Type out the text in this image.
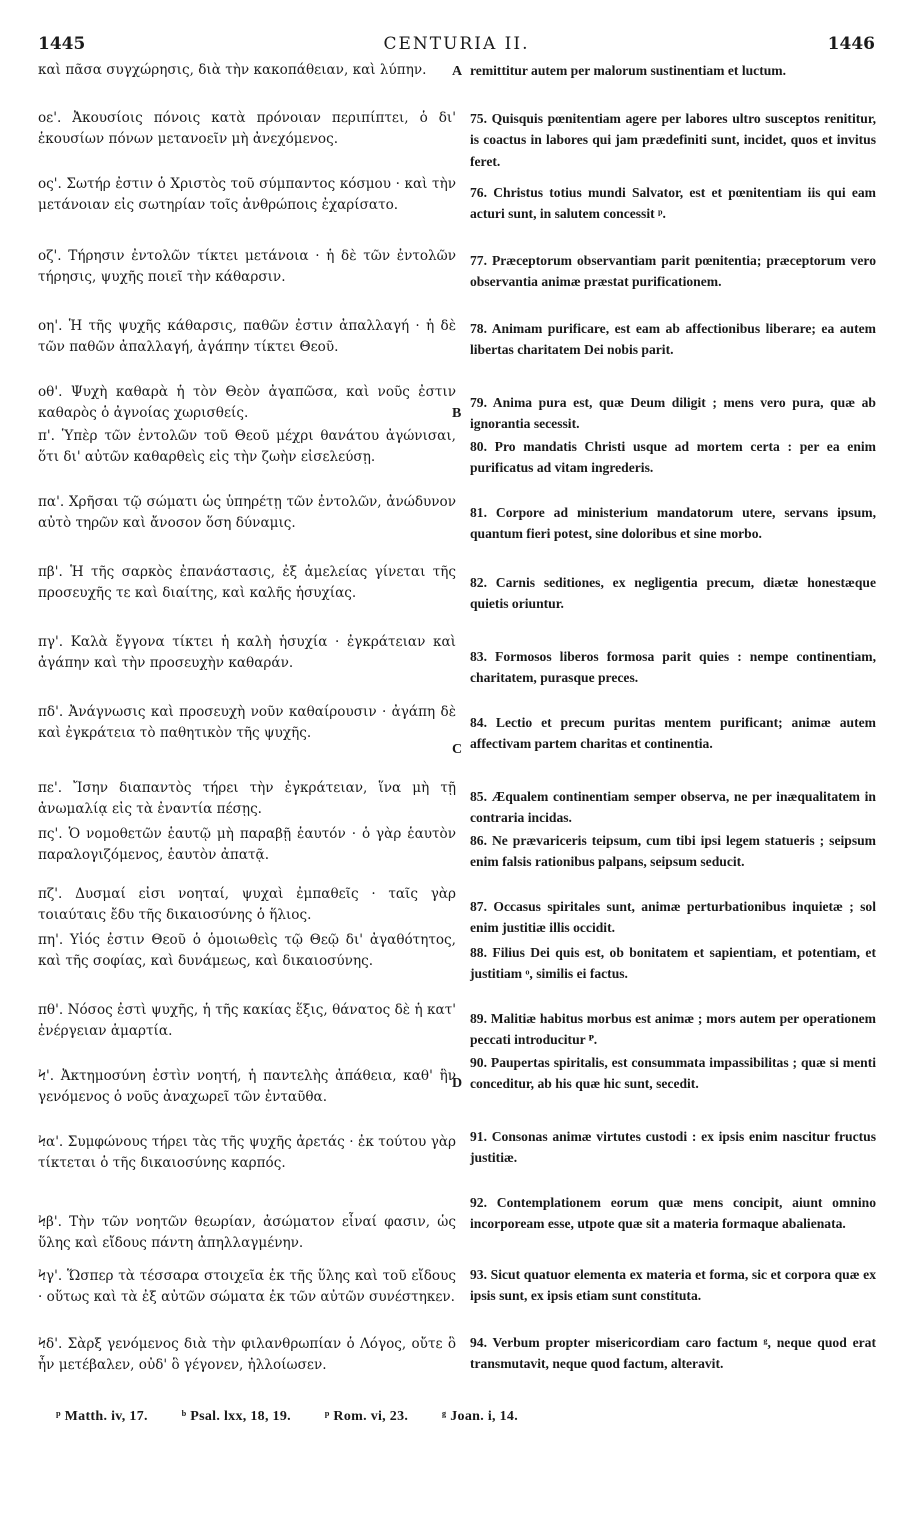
1445	CENTURIA II.	1446
καὶ πᾶσα συγχώρησις, διὰ τὴν κακοπάθειαν, καὶ λύπην.
οε'. Ἀκουσίοις πόνοις κατὰ πρόνοιαν περιπίπτει, ὁ δι' ἑκουσίων πόνων μετανοεῖν μὴ ἀνεχόμενος.
ος'. Σωτήρ ἐστιν ὁ Χριστὸς τοῦ σύμπαντος κόσμου · καὶ τὴν μετάνοιαν εἰς σωτηρίαν τοῖς ἀνθρώποις ἐχαρίσατο.
οζ'. Τήρησιν ἐντολῶν τίκτει μετάνοια · ἡ δὲ τῶν ἐντολῶν τήρησις, ψυχῆς ποιεῖ τὴν κάθαρσιν.
οη'. Ἡ τῆς ψυχῆς κάθαρσις, παθῶν ἐστιν ἀπαλλαγή · ἡ δὲ τῶν παθῶν ἀπαλλαγή, ἀγάπην τίκτει Θεοῦ.
οθ'. Ψυχὴ καθαρὰ ἡ τὸν Θεὸν ἀγαπῶσα, καὶ νοῦς ἐστιν καθαρὸς ὁ ἀγνοίας χωρισθείς.
π'. Ὑπὲρ τῶν ἐντολῶν τοῦ Θεοῦ μέχρι θανάτου ἀγώνισαι, ὅτι δι' αὐτῶν καθαρθεὶς εἰς τὴν ζωὴν εἰσελεύσῃ.
πα'. Χρῆσαι τῷ σώματι ὡς ὑπηρέτῃ τῶν ἐντολῶν, ἀνώδυνον αὐτὸ τηρῶν καὶ ἄνοσον ὅση δύναμις.
πβ'. Ἡ τῆς σαρκὸς ἐπανάστασις, ἐξ ἀμελείας γίνεται τῆς προσευχῆς τε καὶ διαίτης, καὶ καλῆς ἡσυχίας.
πγ'. Καλὰ ἔγγονα τίκτει ἡ καλὴ ἡσυχία · ἐγκράτειαν καὶ ἀγάπην καὶ τὴν προσευχὴν καθαράν.
πδ'. Ἀνάγνωσις καὶ προσευχὴ νοῦν καθαίρουσιν · ἀγάπη δὲ καὶ ἐγκράτεια τὸ παθητικὸν τῆς ψυχῆς.
πε'. Ἴσην διαπαντὸς τήρει τὴν ἐγκράτειαν, ἵνα μὴ τῇ ἀνωμαλίᾳ εἰς τὰ ἐναντία πέσῃς.
πς'. Ὁ νομοθετῶν ἑαυτῷ μὴ παραβῇ ἑαυτόν · ὁ γὰρ ἑαυτὸν παραλογιζόμενος, ἑαυτὸν ἀπατᾷ.
πζ'. Δυσμαί εἰσι νοηταί, ψυχαὶ ἐμπαθεῖς · ταῖς γὰρ τοιαύταις ἔδυ τῆς δικαιοσύνης ὁ ἥλιος.
πη'. Υἱός ἐστιν Θεοῦ ὁ ὁμοιωθεὶς τῷ Θεῷ δι' ἀγαθότητος, καὶ τῆς σοφίας, καὶ δυνάμεως, καὶ δικαιοσύνης.
πθ'. Νόσος ἐστὶ ψυχῆς, ἡ τῆς κακίας ἕξις, θάνατος δὲ ἡ κατ' ἐνέργειαν ἁμαρτία.
Ϟ'. Ἀκτημοσύνη ἐστὶν νοητή, ἡ παντελὴς ἀπάθεια, καθ' ἣν γενόμενος ὁ νοῦς ἀναχωρεῖ τῶν ἐνταῦθα.
Ϟα'. Συμφώνους τήρει τὰς τῆς ψυχῆς ἀρετάς · ἐκ τούτου γὰρ τίκτεται ὁ τῆς δικαιοσύνης καρπός.
Ϟβ'. Τὴν τῶν νοητῶν θεωρίαν, ἀσώματον εἶναί φασιν, ὡς ὕλης καὶ εἴδους πάντη ἀπηλλαγμένην.
Ϟγ'. Ὥσπερ τὰ τέσσαρα στοιχεῖα ἐκ τῆς ὕλης καὶ τοῦ εἴδους · οὕτως καὶ τὰ ἐξ αὐτῶν σώματα ἐκ τῶν αὐτῶν συνέστηκεν.
Ϟδ'. Σὰρξ γενόμενος διὰ τὴν φιλανθρωπίαν ὁ Λόγος, οὔτε ὃ ἦν μετέβαλεν, οὐδ' ὃ γέγονεν, ἠλλοίωσεν.
A
B
C
D
remittitur autem per malorum sustinentiam et luctum.
75. Quisquis pœnitentiam agere per labores ultro susceptos renititur, is coactus in labores qui jam prædefiniti sunt, incidet, quos et invitus feret.
76. Christus totius mundi Salvator, est et pœnitentiam iis qui eam acturi sunt, in salutem concessit ᵖ.
77. Præceptorum observantiam parit pœnitentia; præceptorum vero observantia animæ præstat purificationem.
78. Animam purificare, est eam ab affectionibus liberare; ea autem libertas charitatem Dei nobis parit.
79. Anima pura est, quæ Deum diligit ; mens vero pura, quæ ab ignorantia secessit.
80. Pro mandatis Christi usque ad mortem certa : per ea enim purificatus ad vitam ingrederis.
81. Corpore ad ministerium mandatorum utere, servans ipsum, quantum fieri potest, sine doloribus et sine morbo.
82. Carnis seditiones, ex negligentia precum, diætæ honestæque quietis oriuntur.
83. Formosos liberos formosa parit quies : nempe continentiam, charitatem, purasque preces.
84. Lectio et precum puritas mentem purificant; animæ autem affectivam partem charitas et continentia.
85. Æqualem continentiam semper observa, ne per inæqualitatem in contraria incidas.
86. Ne prævariceris teipsum, cum tibi ipsi legem statueris ; seipsum enim falsis rationibus palpans, seipsum seducit.
87. Occasus spiritales sunt, animæ perturbationibus inquietæ ; sol enim justitiæ illis occidit.
88. Filius Dei quis est, ob bonitatem et sapientiam, et potentiam, et justitiam ᵒ, similis ei factus.
89. Malitiæ habitus morbus est animæ ; mors autem per operationem peccati introducitur ᴾ.
90. Paupertas spiritalis, est consummata impassibilitas ; quæ si menti conceditur, ab his quæ hic sunt, secedit.
91. Consonas animæ virtutes custodi : ex ipsis enim nascitur fructus justitiæ.
92. Contemplationem eorum quæ mens concipit, aiunt omnino incorpoream esse, utpote quæ sit a materia formaque abalienata.
93. Sicut quatuor elementa ex materia et forma, sic et corpora quæ ex ipsis sunt, ex ipsis etiam sunt constituta.
94. Verbum propter misericordiam caro factum ᵍ, neque quod erat transmutavit, neque quod factum, alteravit.
ᵖ Matth. iv, 17. ᵇ Psal. lxx, 18, 19. ᵖ Rom. vi, 23. ᵍ Joan. i, 14.
